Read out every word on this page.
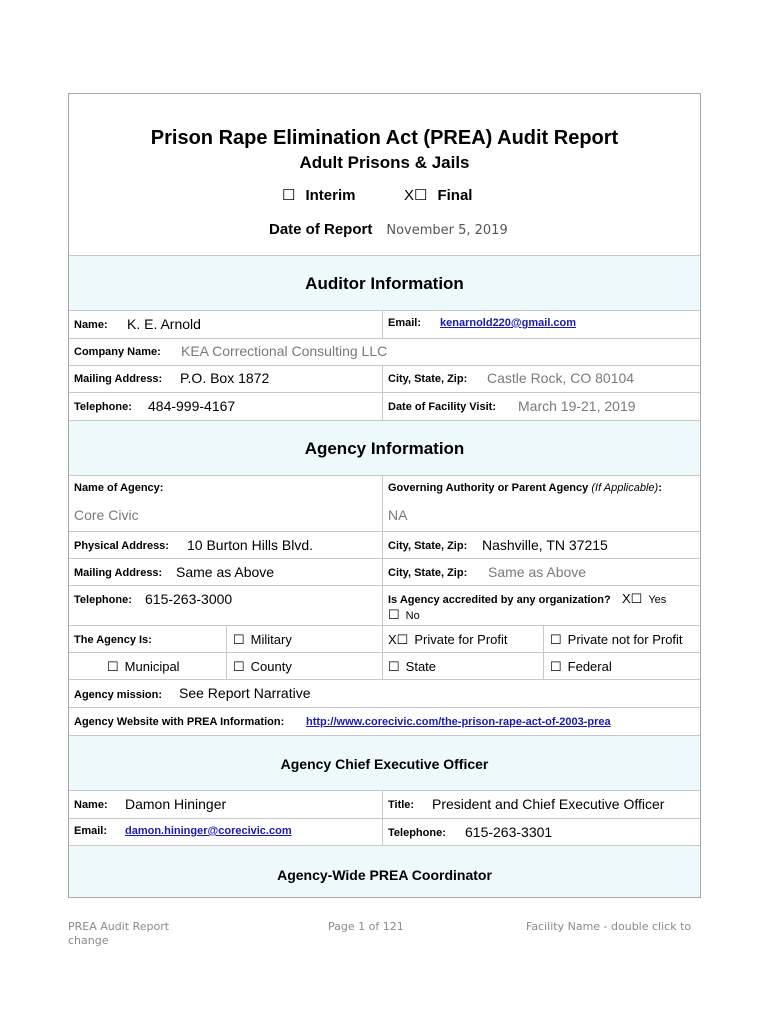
Prison Rape Elimination Act (PREA) Audit Report
Adult Prisons & Jails
☐ Interim	X☐ Final
Date of Report November 5, 2019
Auditor Information
Name: K. E. Arnold	Email: kenarnold220@gmail.com
Company Name: KEA Correctional Consulting LLC
Mailing Address: P.O. Box 1872	City, State, Zip: Castle Rock, CO 80104
Telephone: 484-999-4167	Date of Facility Visit: March 19-21, 2019
Agency Information
Name of Agency:
Core Civic
Governing Authority or Parent Agency (If Applicable):
NA
Physical Address: 10 Burton Hills Blvd.	City, State, Zip: Nashville, TN 37215
Mailing Address: Same as Above	City, State, Zip: Same as Above
Telephone: 615-263-3000	Is Agency accredited by any organization? X☐ Yes
☐ No
The Agency Is:	☐ Military	X☐ Private for Profit	☐ Private not for Profit
☐ Municipal	☐ County	☐ State	☐ Federal
Agency mission: See Report Narrative
Agency Website with PREA Information: http://www.corecivic.com/the-prison-rape-act-of-2003-prea
Agency Chief Executive Officer
Name: Damon Hininger	Title: President and Chief Executive Officer
Email: damon.hininger@corecivic.com	Telephone: 615-263-3301
Agency-Wide PREA Coordinator
PREA Audit Report
change
Page 1 of 121	Facility Name - double click to
